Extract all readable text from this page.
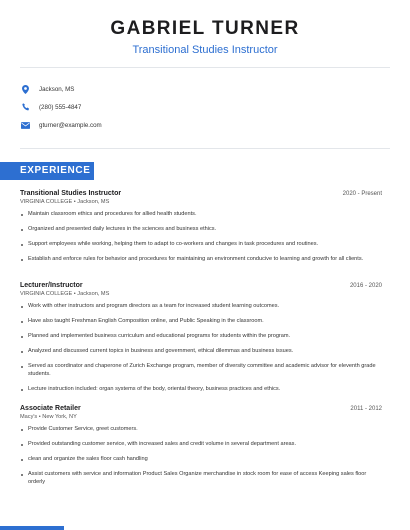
GABRIEL TURNER
Transitional Studies Instructor
Jackson, MS
(280) 555-4847
gturner@example.com
EXPERIENCE
Transitional Studies Instructor	2020 - Present
VIRGINIA COLLEGE • Jackson, MS
Maintain classroom ethics and procedures for allied health students.
Organized and presented daily lectures in the sciences and business ethics.
Support employees while working, helping them to adapt to co-workers and changes in task procedures and routines.
Establish and enforce rules for behavior and procedures for maintaining an environment conducive to learning and growth for all clients.
Lecturer/Instructor	2016 - 2020
VIRGINIA COLLEGE • Jackson, MS
Work with other instructors and program directors as a team for increased student learning outcomes.
Have also taught Freshman English Composition online, and Public Speaking in the classroom.
Planned and implemented business curriculum and educational programs for students within the program.
Analyzed and discussed current topics in business and government, ethical dilemmas and business issues.
Served as coordinator and chaperone of Zurich Exchange program, member of diversity committee and academic advisor for eleventh grade students.
Lecture instruction included: organ systems of the body, oriental theory, business practices and ethics.
Associate Retailer	2011 - 2012
Macy's • New York, NY
Provide Customer Service, greet customers.
Provided outstanding customer service, with increased sales and credit volume in several department areas.
clean and organize the sales floor cash handling
Assist customers with service and information Product Sales Organize merchandise in stock room for ease of access Keeping sales floor orderly
